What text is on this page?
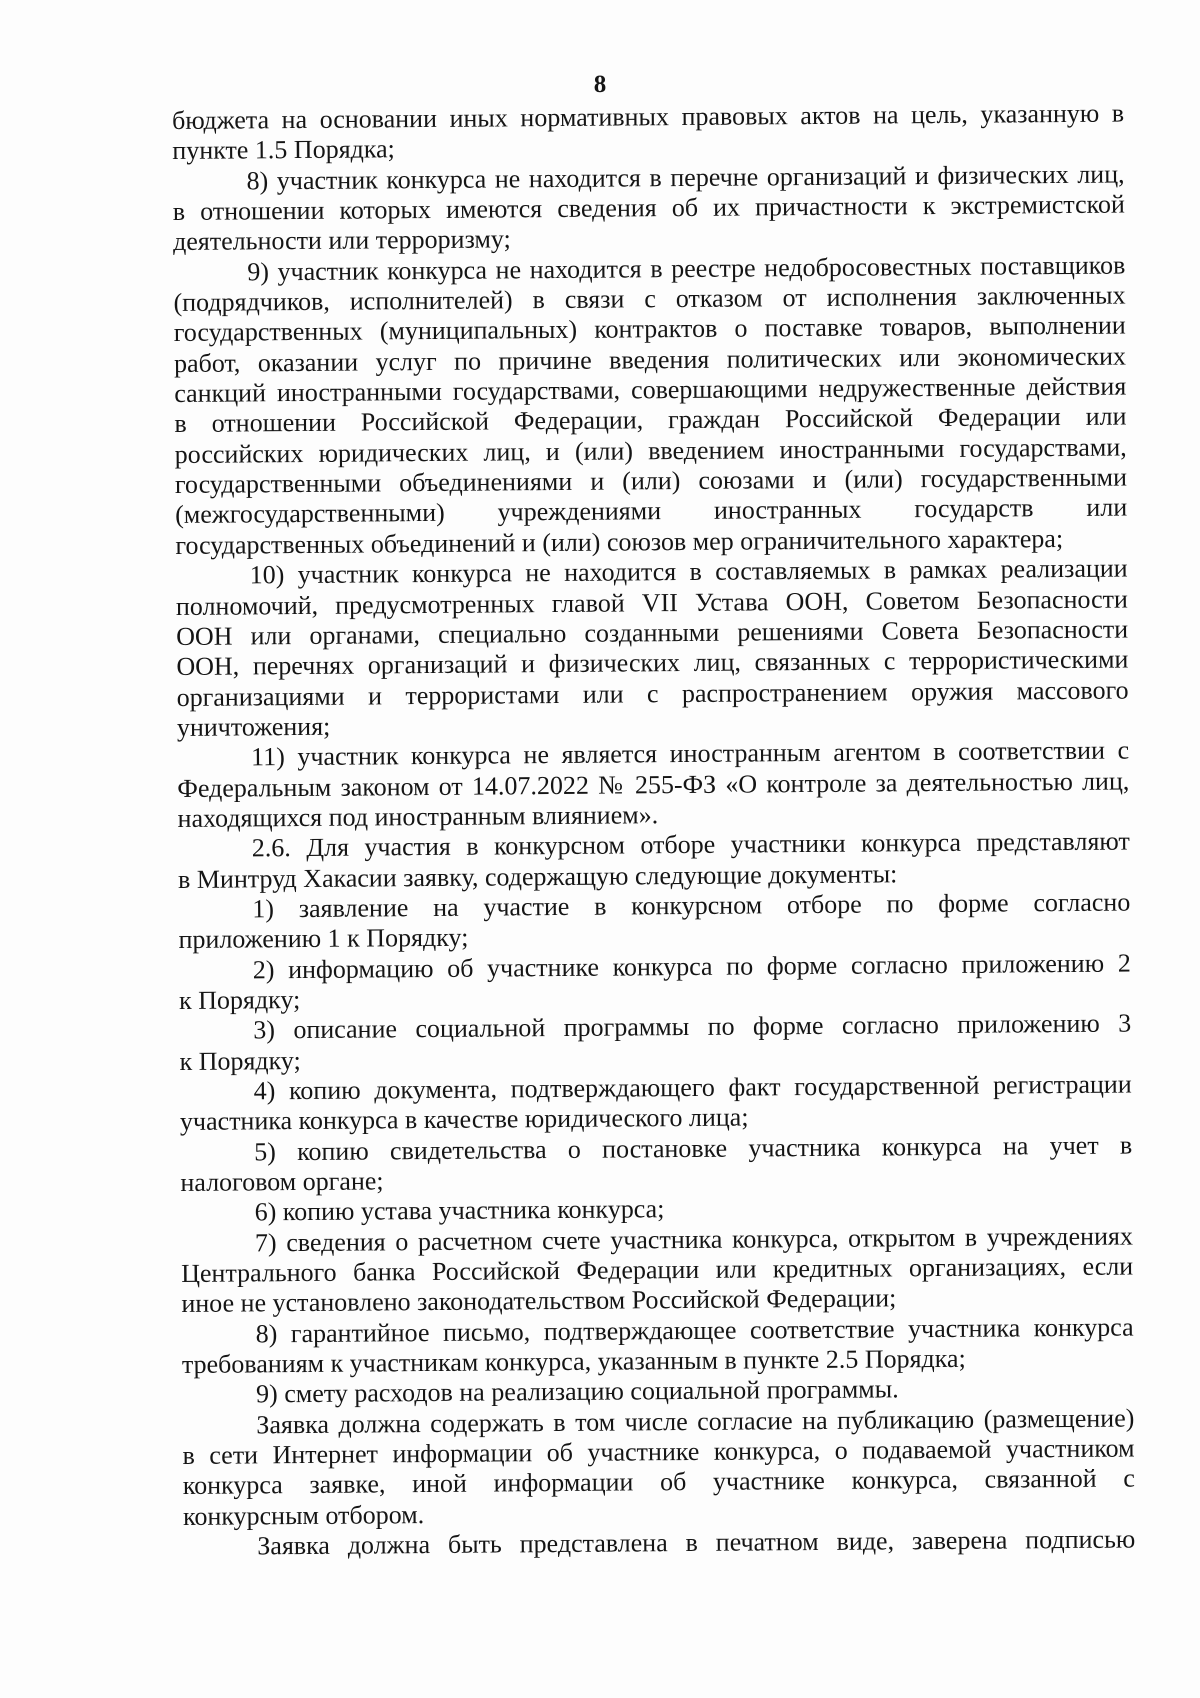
8
бюджета на основании иных нормативных правовых актов на цель, указанную в
пункте 1.5 Порядка;
8) участник конкурса не находится в перечне организаций и физических лиц,
в отношении которых имеются сведения об их причастности к экстремистской
деятельности или терроризму;
9) участник конкурса не находится в реестре недобросовестных поставщиков
(подрядчиков, исполнителей) в связи с отказом от исполнения заключенных
государственных (муниципальных) контрактов о поставке товаров, выполнении
работ, оказании услуг по причине введения политических или экономических
санкций иностранными государствами, совершающими недружественные действия
в отношении Российской Федерации, граждан Российской Федерации или
российских юридических лиц, и (или) введением иностранными государствами,
государственными объединениями и (или) союзами и (или) государственными
(межгосударственными) учреждениями иностранных государств или
государственных объединений и (или) союзов мер ограничительного характера;
10) участник конкурса не находится в составляемых в рамках реализации
полномочий, предусмотренных главой VII Устава ООН, Советом Безопасности
ООН или органами, специально созданными решениями Совета Безопасности
ООН, перечнях организаций и физических лиц, связанных с террористическими
организациями и террористами или с распространением оружия массового
уничтожения;
11) участник конкурса не является иностранным агентом в соответствии с
Федеральным законом от 14.07.2022 № 255-ФЗ «О контроле за деятельностью лиц,
находящихся под иностранным влиянием».
2.6. Для участия в конкурсном отборе участники конкурса представляют
в Минтруд Хакасии заявку, содержащую следующие документы:
1) заявление на участие в конкурсном отборе по форме согласно
приложению 1 к Порядку;
2) информацию об участнике конкурса по форме согласно приложению 2
к Порядку;
3) описание социальной программы по форме согласно приложению 3
к Порядку;
4) копию документа, подтверждающего факт государственной регистрации
участника конкурса в качестве юридического лица;
5) копию свидетельства о постановке участника конкурса на учет в
налоговом органе;
6) копию устава участника конкурса;
7) сведения о расчетном счете участника конкурса, открытом в учреждениях
Центрального банка Российской Федерации или кредитных организациях, если
иное не установлено законодательством Российской Федерации;
8) гарантийное письмо, подтверждающее соответствие участника конкурса
требованиям к участникам конкурса, указанным в пункте 2.5 Порядка;
9) смету расходов на реализацию социальной программы.
Заявка должна содержать в том числе согласие на публикацию (размещение)
в сети Интернет информации об участнике конкурса, о подаваемой участником
конкурса заявке, иной информации об участнике конкурса, связанной с
конкурсным отбором.
Заявка должна быть представлена в печатном виде, заверена подписью
